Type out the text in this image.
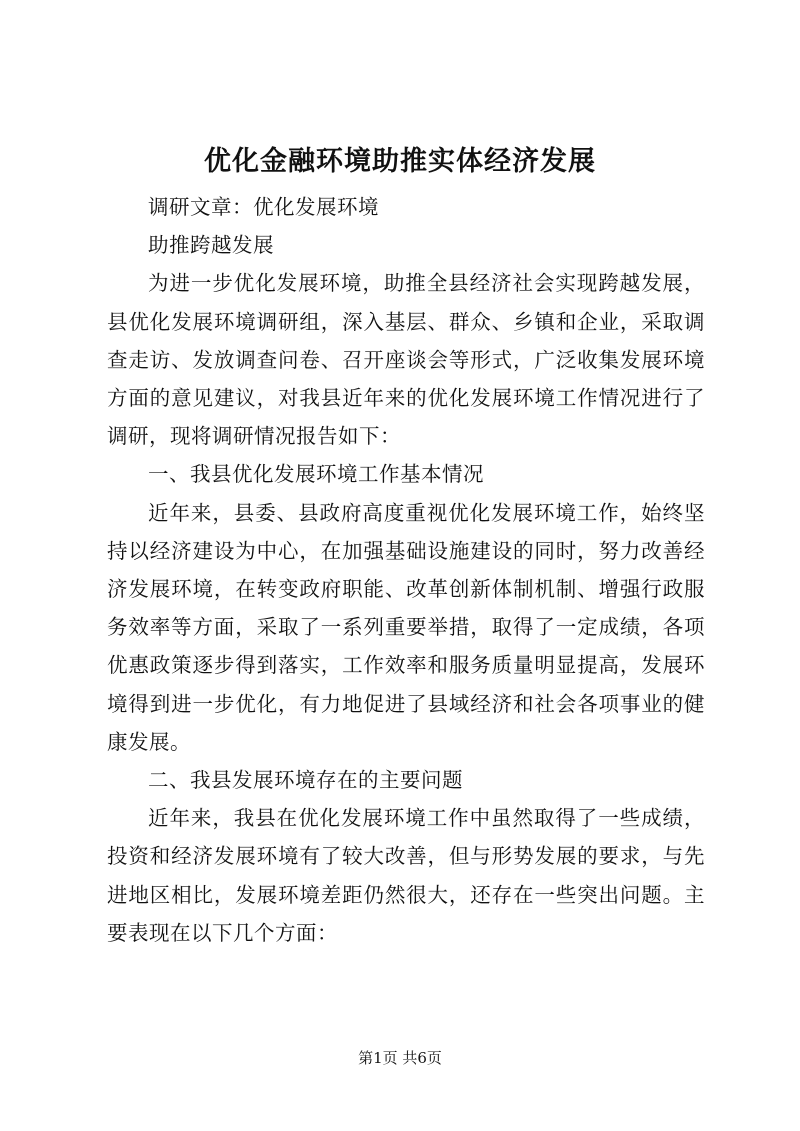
优化金融环境助推实体经济发展

调研文章：优化发展环境

助推跨越发展

为进一步优化发展环境，助推全县经济社会实现跨越发展，县优化发展环境调研组，深入基层、群众、乡镇和企业，采取调查走访、发放调查问卷、召开座谈会等形式，广泛收集发展环境方面的意见建议，对我县近年来的优化发展环境工作情况进行了调研，现将调研情况报告如下：

一、我县优化发展环境工作基本情况

近年来，县委、县政府高度重视优化发展环境工作，始终坚持以经济建设为中心，在加强基础设施建设的同时，努力改善经济发展环境，在转变政府职能、改革创新体制机制、增强行政服务效率等方面，采取了一系列重要举措，取得了一定成绩，各项优惠政策逐步得到落实，工作效率和服务质量明显提高，发展环境得到进一步优化，有力地促进了县域经济和社会各项事业的健康发展。

二、我县发展环境存在的主要问题

近年来，我县在优化发展环境工作中虽然取得了一些成绩，投资和经济发展环境有了较大改善，但与形势发展的要求，与先进地区相比，发展环境差距仍然很大，还存在一些突出问题。主要表现在以下几个方面：

第1页 共6页
